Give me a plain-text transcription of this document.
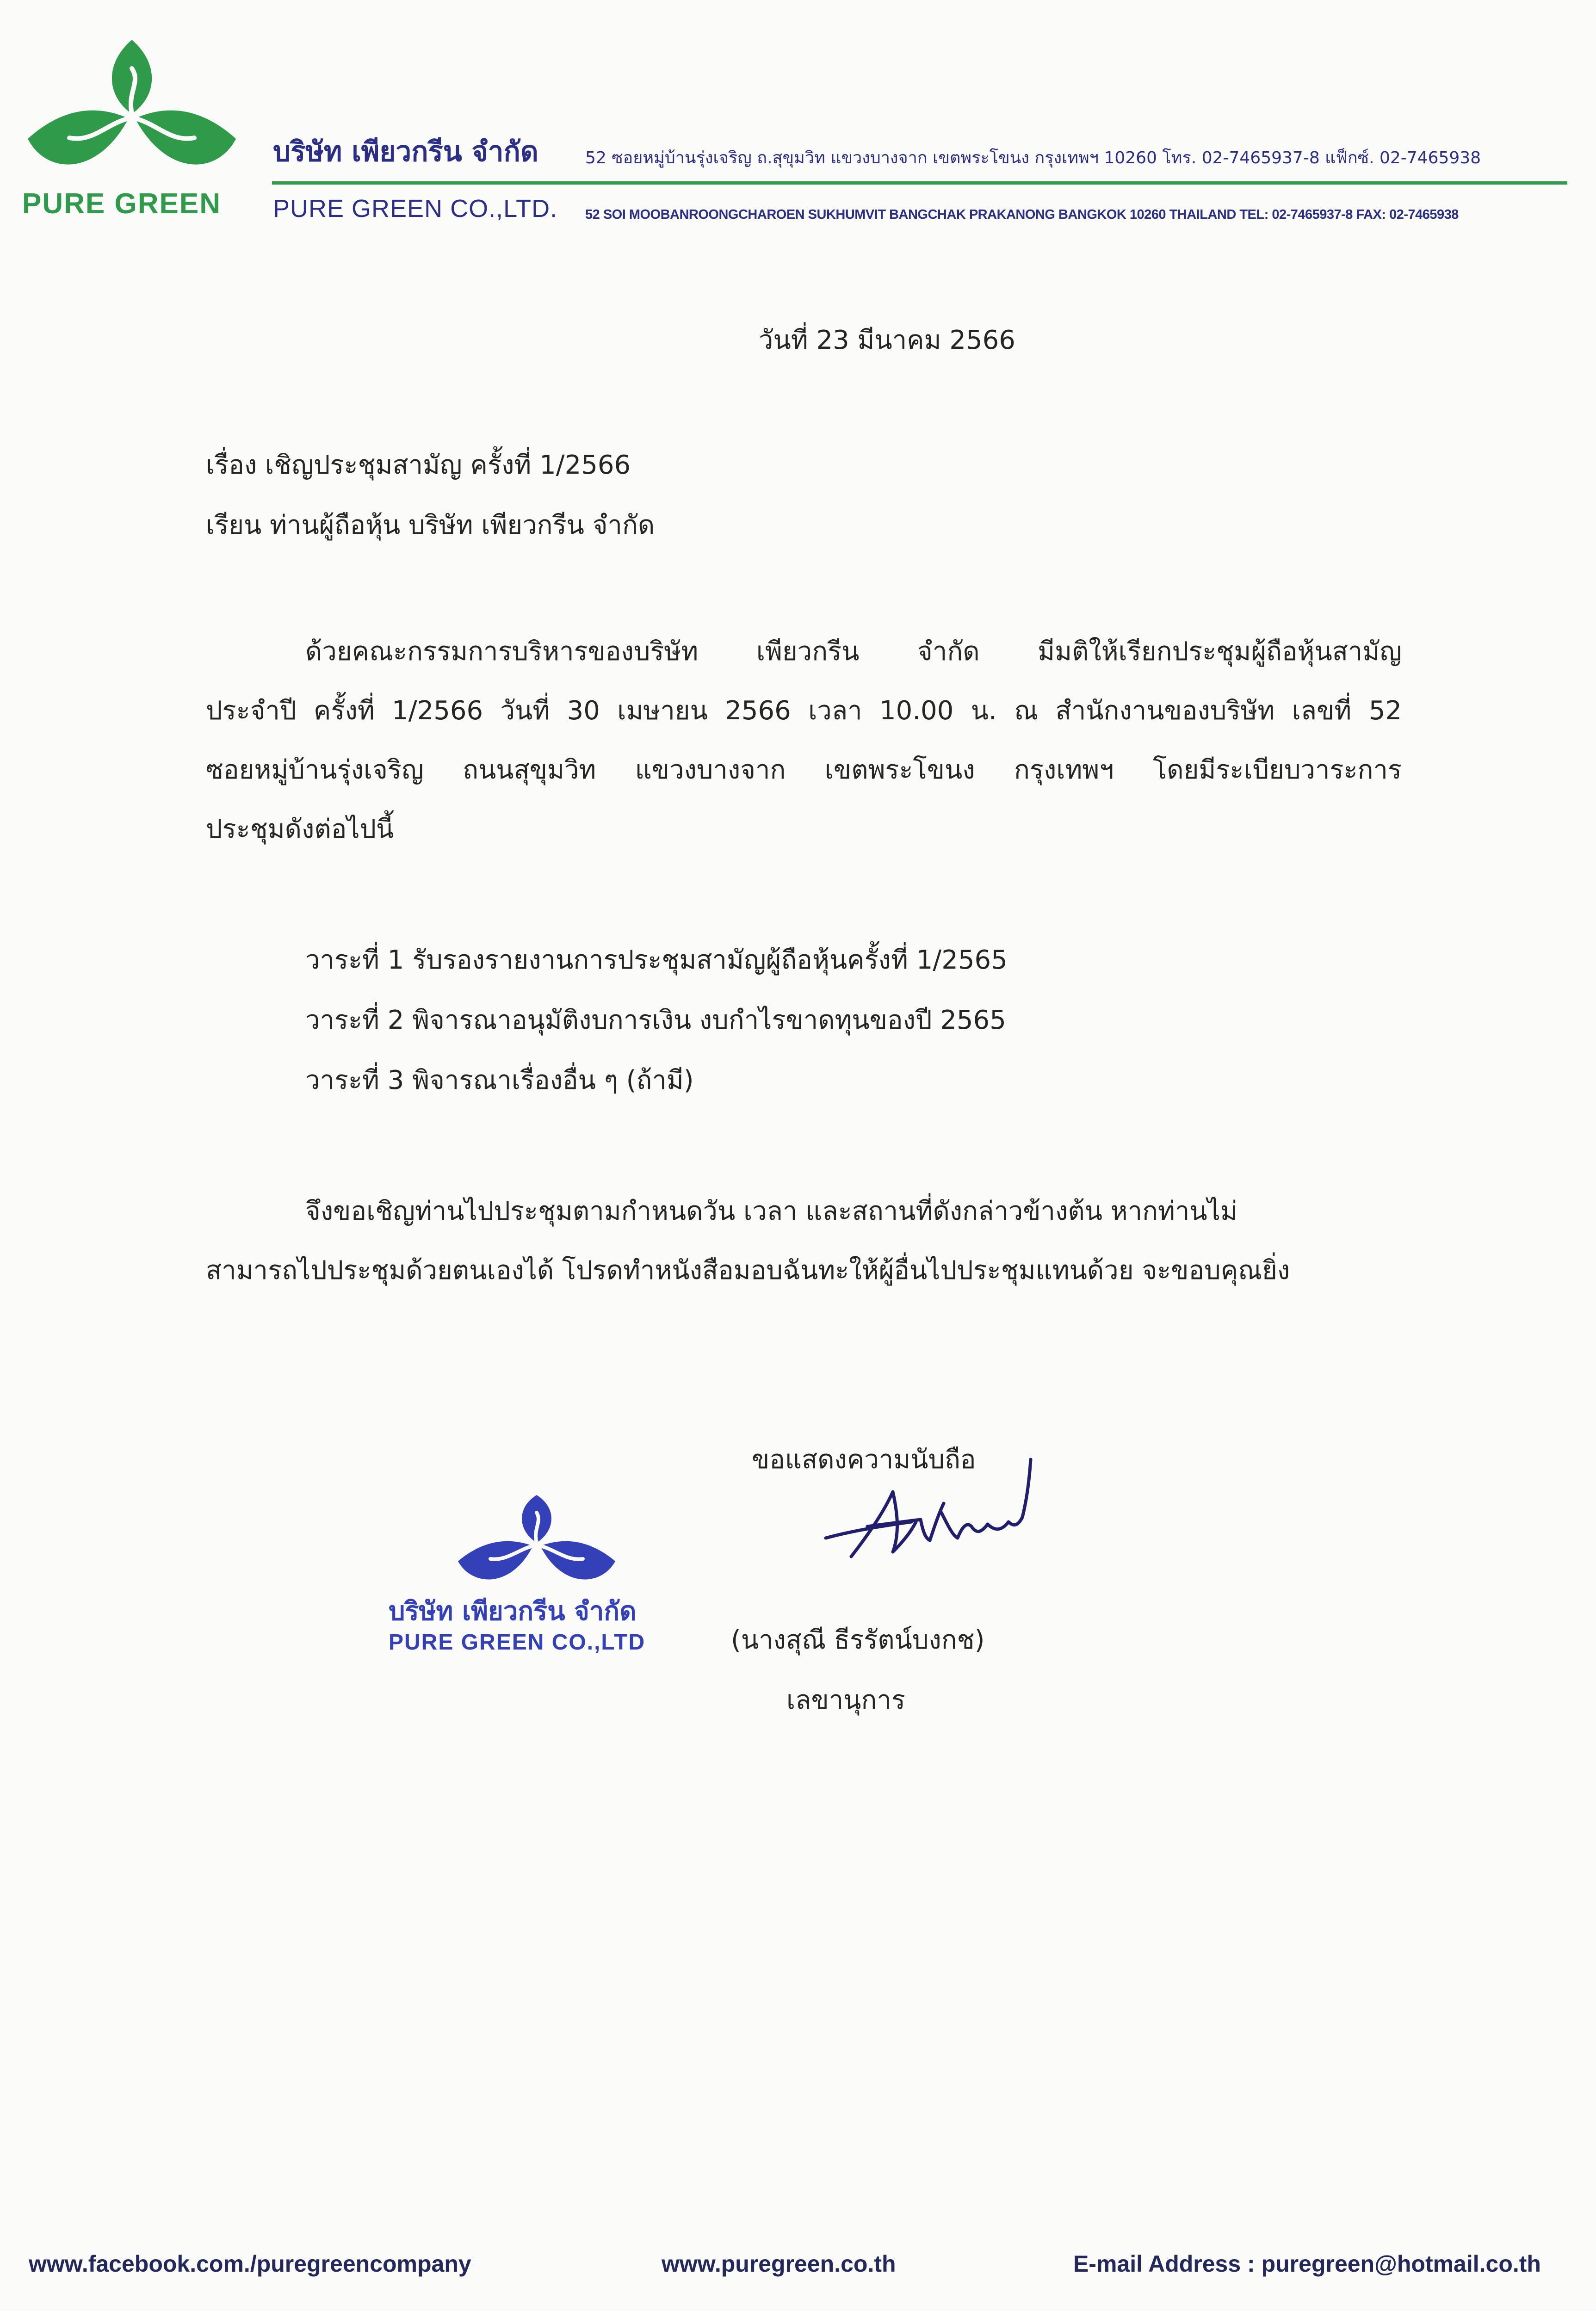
PURE GREEN
บริษัท เพียวกรีน จำกัด	52 ซอยหมู่บ้านรุ่งเจริญ ถ.สุขุมวิท แขวงบางจาก เขตพระโขนง กรุงเทพฯ 10260 โทร. 02-7465937-8 แฟ็กซ์. 02-7465938
PURE GREEN CO.,LTD. 52 SOI MOOBANROONGCHAROEN SUKHUMVIT BANGCHAK PRAKANONG BANGKOK 10260 THAILAND TEL: 02-7465937-8 FAX: 02-7465938
วันที่ 23 มีนาคม 2566
เรื่อง เชิญประชุมสามัญ ครั้งที่ 1/2566
เรียน ท่านผู้ถือหุ้น บริษัท เพียวกรีน จำกัด
ด้วยคณะกรรมการบริหารของบริษัท เพียวกรีน จำกัด มีมติให้เรียกประชุมผู้ถือหุ้นสามัญ
ประจำปี ครั้งที่ 1/2566 วันที่ 30 เมษายน 2566 เวลา 10.00 น. ณ สำนักงานของบริษัท เลขที่ 52
ซอยหมู่บ้านรุ่งเจริญ ถนนสุขุมวิท แขวงบางจาก เขตพระโขนง กรุงเทพฯ โดยมีระเบียบวาระการ
ประชุมดังต่อไปนี้
วาระที่ 1 รับรองรายงานการประชุมสามัญผู้ถือหุ้นครั้งที่ 1/2565
วาระที่ 2 พิจารณาอนุมัติงบการเงิน งบกำไรขาดทุนของปี 2565
วาระที่ 3 พิจารณาเรื่องอื่น ๆ (ถ้ามี)
จึงขอเชิญท่านไปประชุมตามกำหนดวัน เวลา และสถานที่ดังกล่าวข้างต้น หากท่านไม่
สามารถไปประชุมด้วยตนเองได้ โปรดทำหนังสือมอบฉันทะให้ผู้อื่นไปประชุมแทนด้วย จะขอบคุณยิ่ง
ขอแสดงความนับถือ
บริษัท เพียวกรีน จำกัด
PURE GREEN CO.,LTD	(นางสุณี ธีรรัตน์บงกช)
เลขานุการ
www.facebook.com./puregreencompany	www.puregreen.co.th	E-mail Address : puregreen@hotmail.co.th
